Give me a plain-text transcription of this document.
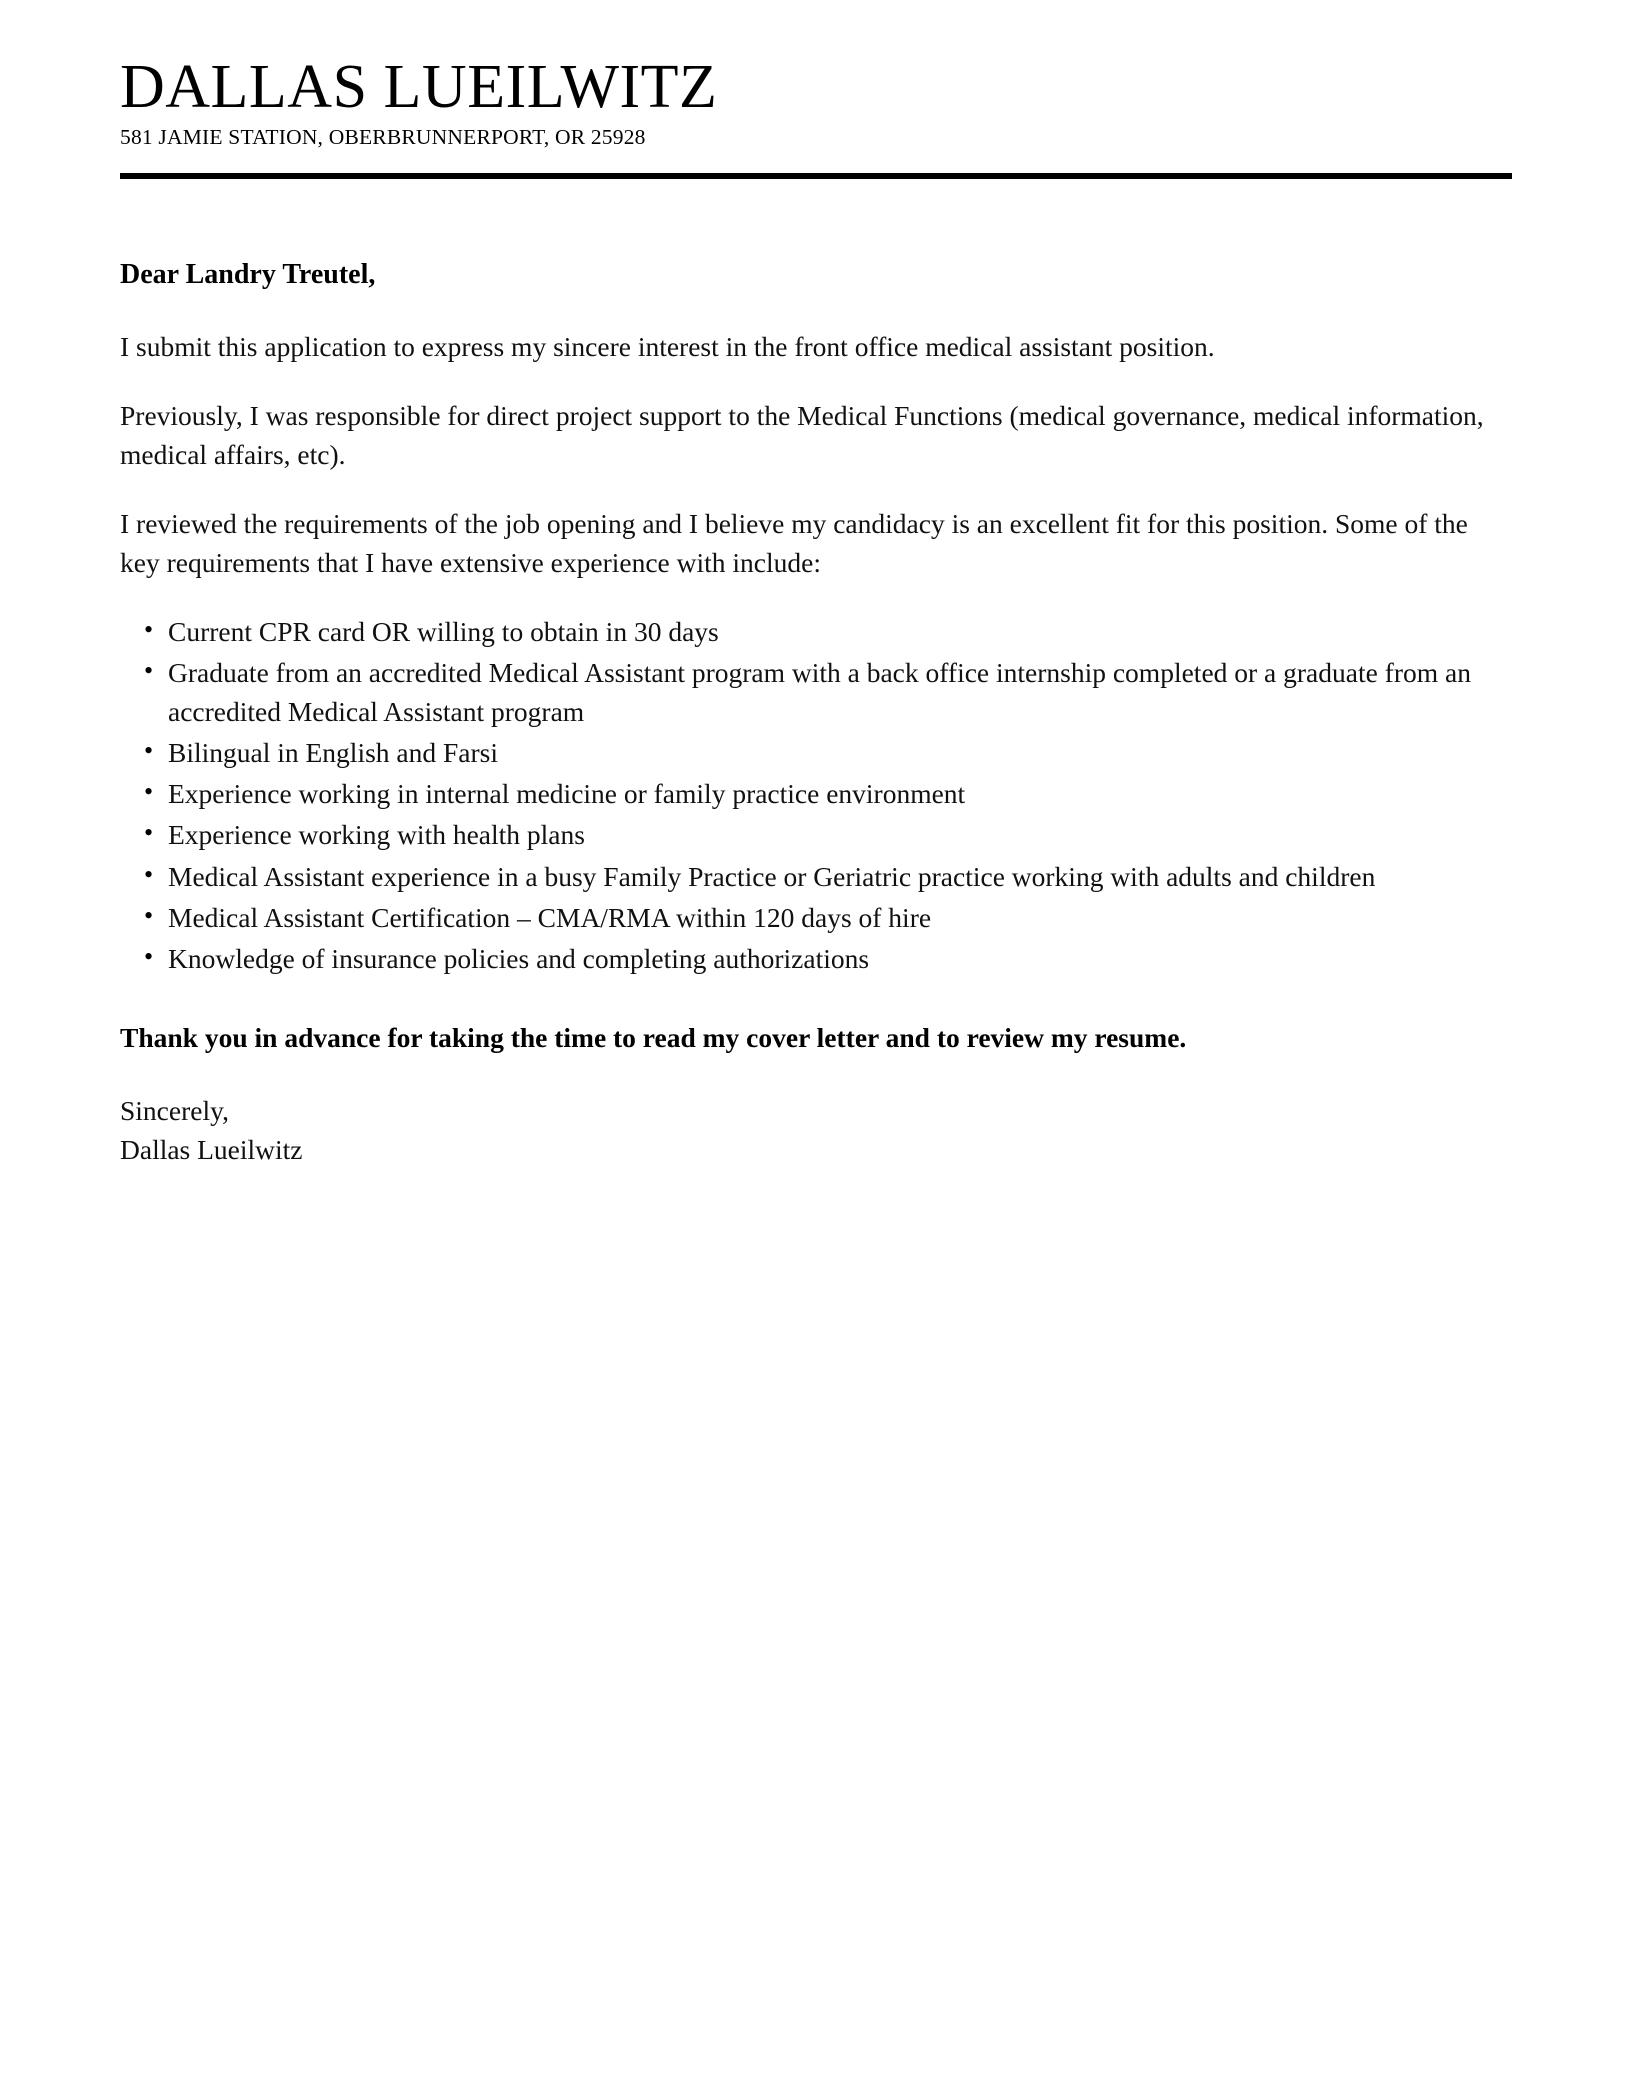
DALLAS LUEILWITZ
581 JAMIE STATION, OBERBRUNNERPORT, OR 25928

Dear Landry Treutel,

I submit this application to express my sincere interest in the front office medical assistant position.

Previously, I was responsible for direct project support to the Medical Functions (medical governance, medical information, medical affairs, etc).

I reviewed the requirements of the job opening and I believe my candidacy is an excellent fit for this position. Some of the key requirements that I have extensive experience with include:

• Current CPR card OR willing to obtain in 30 days
• Graduate from an accredited Medical Assistant program with a back office internship completed or a graduate from an accredited Medical Assistant program
• Bilingual in English and Farsi
• Experience working in internal medicine or family practice environment
• Experience working with health plans
• Medical Assistant experience in a busy Family Practice or Geriatric practice working with adults and children
• Medical Assistant Certification – CMA/RMA within 120 days of hire
• Knowledge of insurance policies and completing authorizations

Thank you in advance for taking the time to read my cover letter and to review my resume.

Sincerely,

Dallas Lueilwitz
